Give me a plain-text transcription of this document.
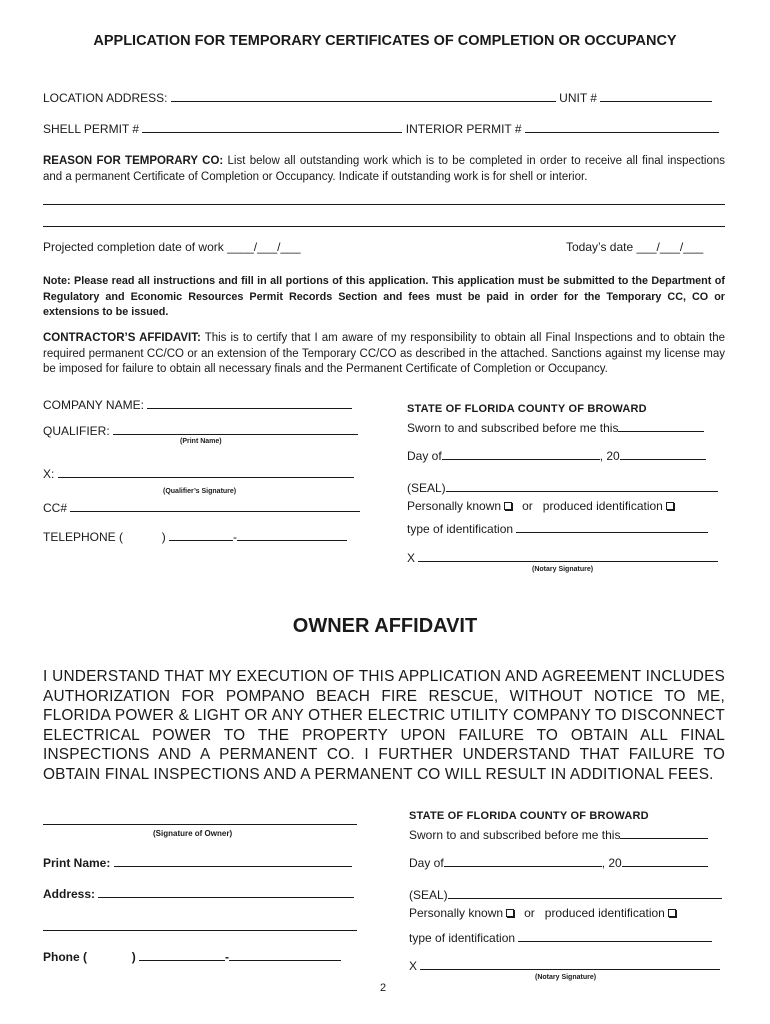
APPLICATION FOR TEMPORARY CERTIFICATES OF COMPLETION OR OCCUPANCY
LOCATION ADDRESS:	UNIT #
SHELL PERMIT #	INTERIOR PERMIT #
REASON FOR TEMPORARY CO: List below all outstanding work which is to be completed in order to receive all final inspections and a permanent Certificate of Completion or Occupancy. Indicate if outstanding work is for shell or interior.
Projected completion date of work ____/___/___	Today’s date ___/___/___
Note: Please read all instructions and fill in all portions of this application. This application must be submitted to the Department of Regulatory and Economic Resources Permit Records Section and fees must be paid in order for the Temporary CC, CO or extensions to be issued.
CONTRACTOR’S AFFIDAVIT: This is to certify that I am aware of my responsibility to obtain all Final Inspections and to obtain the required permanent CC/CO or an extension of the Temporary CC/CO as described in the attached. Sanctions against my license may be imposed for failure to obtain all necessary finals and the Permanent Certificate of Completion or Occupancy.
COMPANY NAME:
QUALIFIER:
(Print Name)
X:
(Qualifier’s Signature)
CC#
TELEPHONE (	)	-
STATE OF FLORIDA COUNTY OF BROWARD
Sworn to and subscribed before me this
Day of	, 20
(SEAL)
Personally known or produced identification
type of identification
X
(Notary Signature)
OWNER AFFIDAVIT
I UNDERSTAND THAT MY EXECUTION OF THIS APPLICATION AND AGREEMENT INCLUDES AUTHORIZATION FOR POMPANO BEACH FIRE RESCUE, WITHOUT NOTICE TO ME, FLORIDA POWER & LIGHT OR ANY OTHER ELECTRIC UTILITY COMPANY TO DISCONNECT ELECTRICAL POWER TO THE PROPERTY UPON FAILURE TO OBTAIN ALL FINAL INSPECTIONS AND A PERMANENT CO. I FURTHER UNDERSTAND THAT FAILURE TO OBTAIN FINAL INSPECTIONS AND A PERMANENT CO WILL RESULT IN ADDITIONAL FEES.
(Signature of Owner)
Print Name:
Address:
Phone (	)	-
STATE OF FLORIDA COUNTY OF BROWARD
Sworn to and subscribed before me this
Day of	, 20
(SEAL)
Personally known or produced identification
type of identification
X
(Notary Signature)
2
